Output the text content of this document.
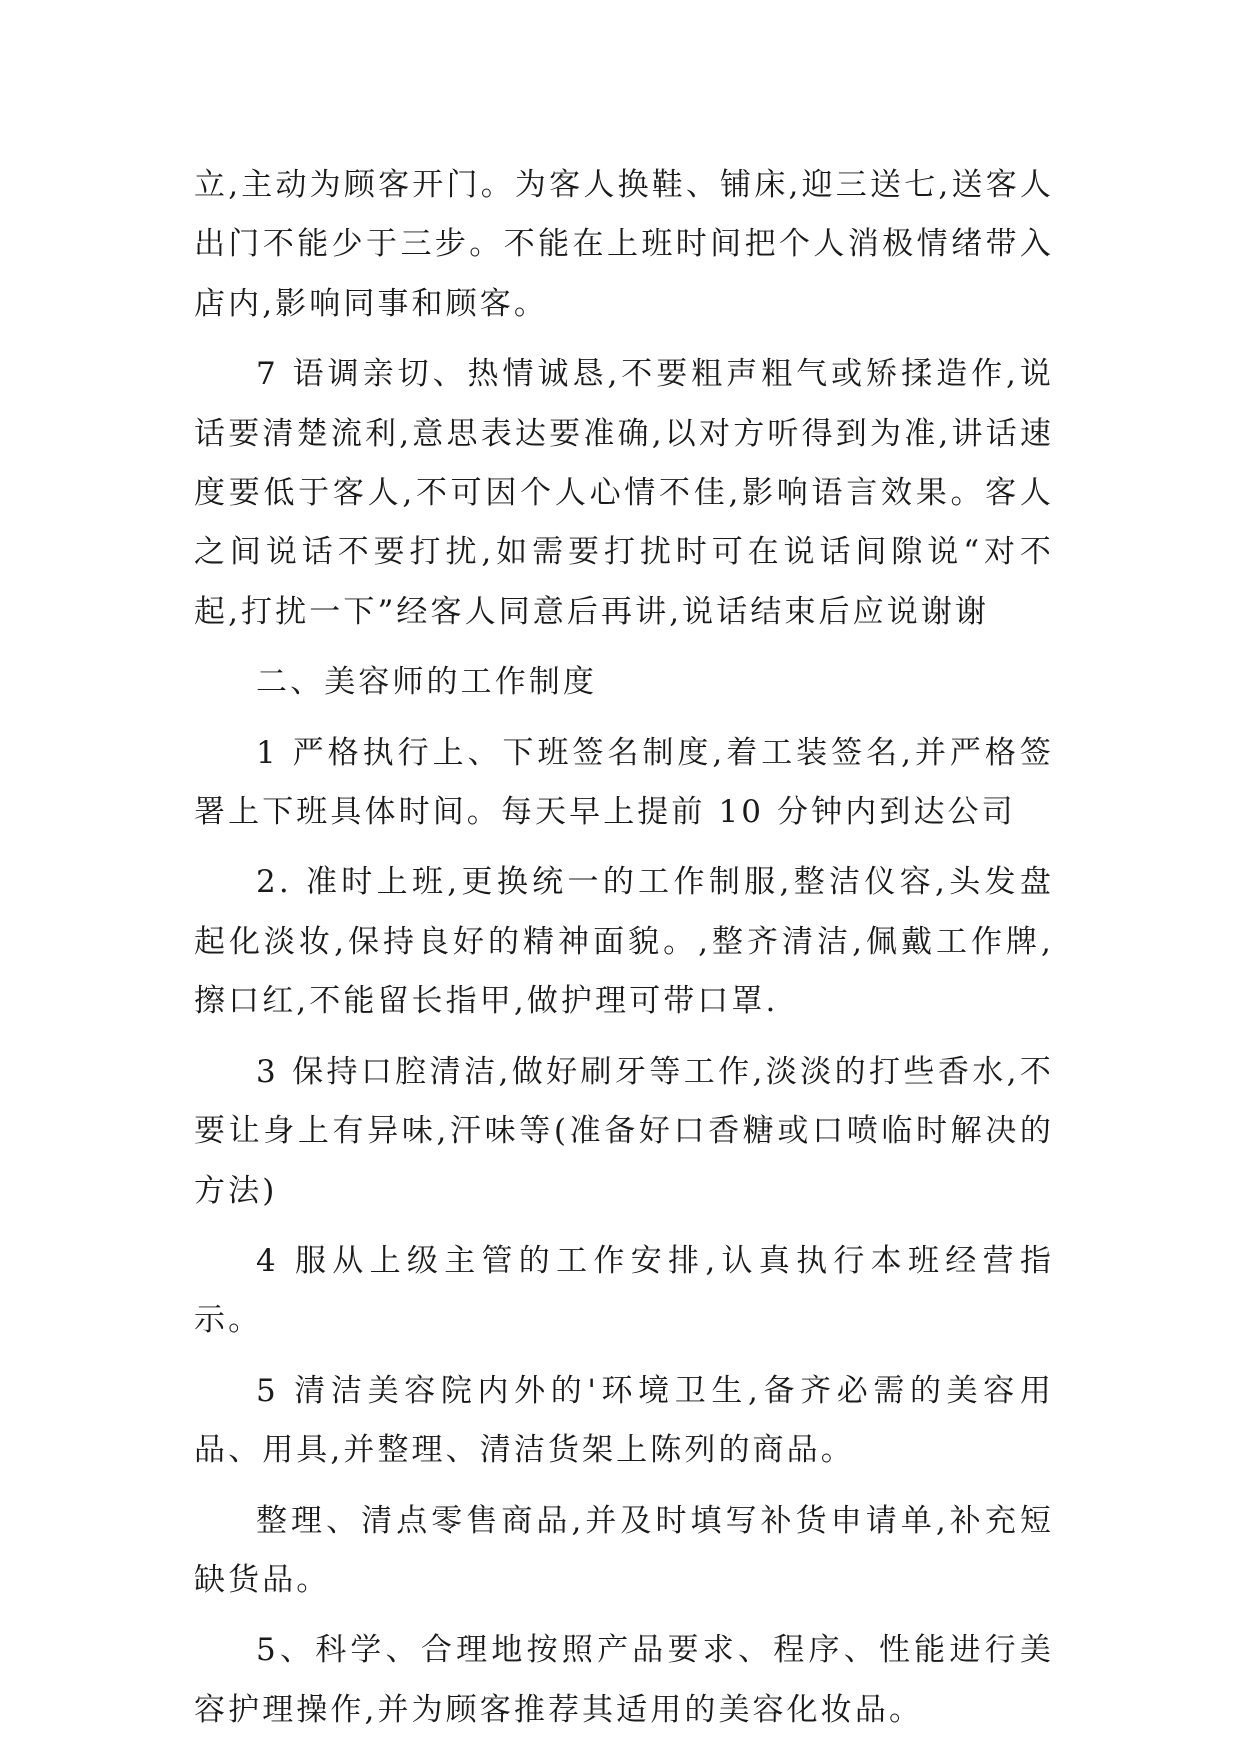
立,主动为顾客开门。为客人换鞋、铺床,迎三送七,送客人出门不能少于三步。不能在上班时间把个人消极情绪带入店内,影响同事和顾客。

7 语调亲切、热情诚恳,不要粗声粗气或矫揉造作,说话要清楚流利,意思表达要准确,以对方听得到为准,讲话速度要低于客人,不可因个人心情不佳,影响语言效果。客人之间说话不要打扰,如需要打扰时可在说话间隙说“对不起,打扰一下”经客人同意后再讲,说话结束后应说谢谢

二、美容师的工作制度

1 严格执行上、下班签名制度,着工装签名,并严格签署上下班具体时间。每天早上提前 10 分钟内到达公司

2. 准时上班,更换统一的工作制服,整洁仪容,头发盘起化淡妆,保持良好的精神面貌。,整齐清洁,佩戴工作牌,擦口红,不能留长指甲,做护理可带口罩.

3 保持口腔清洁,做好刷牙等工作,淡淡的打些香水,不要让身上有异味,汗味等(准备好口香糖或口喷临时解决的方法)

4 服从上级主管的工作安排,认真执行本班经营指示。

5 清洁美容院内外的'环境卫生,备齐必需的美容用品、用具,并整理、清洁货架上陈列的商品。

整理、清点零售商品,并及时填写补货申请单,补充短缺货品。

5、科学、合理地按照产品要求、程序、性能进行美容护理操作,并为顾客推荐其适用的美容化妆品。
